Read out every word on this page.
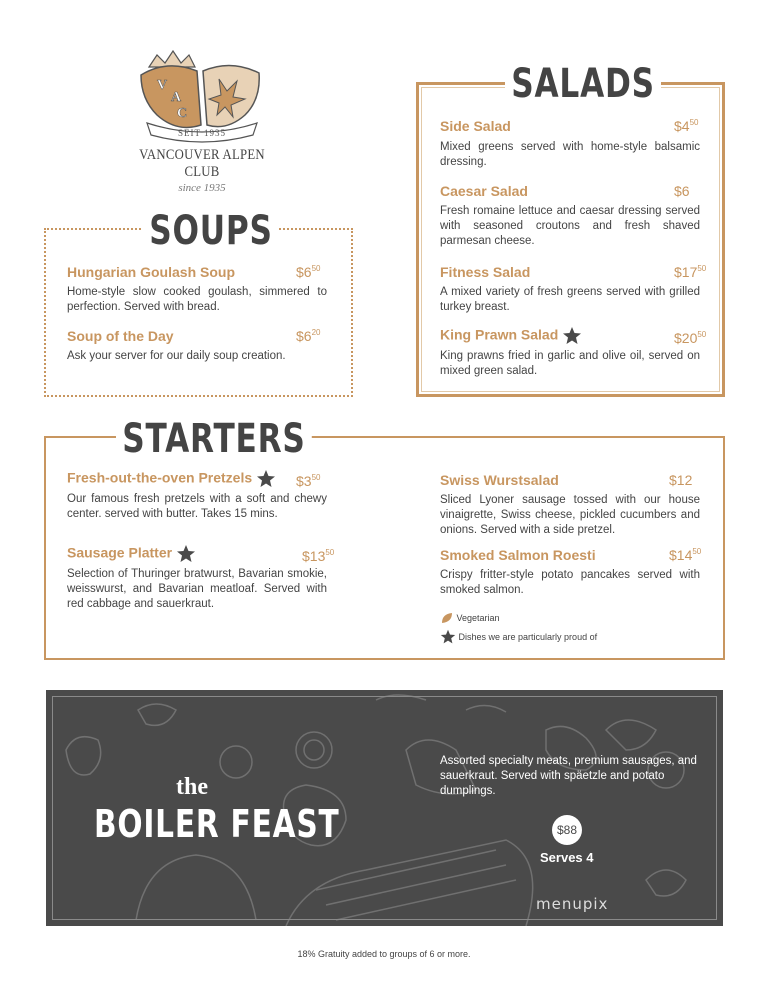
V
A
C
SEIT 1935
VANCOUVER ALPEN CLUB
since 1935
SALADS
Side Salad
Mixed greens served with home-style balsamic dressing.
$\$4^{50}$
Caesar Salad
Fresh romaine lettuce and caesar dressing served with seasoned croutons and fresh shaved parmesan cheese.
$6
Fitness Salad
A mixed variety of fresh greens served with grilled turkey breast.
$\$17^{50}$
King Prawn Salad
King prawns fried in garlic and olive oil, served on mixed green salad.
$\$20^{50}$
SOUPS
Hungarian Goulash Soup
Home-style slow cooked goulash, simmered to perfection. Served with bread.
$\$6^{50}$
Soup of the Day
Ask your server for our daily soup creation.
$\$6^{20}$
STARTERS
Fresh-out-the-oven Pretzels
Our famous fresh pretzels with a soft and chewy center. served with butter. Takes 15 mins.
$\$3^{50}$
Sausage Platter
Selection of Thuringer bratwurst, Bavarian smokie, weisswurst, and Bavarian meatloaf. Served with red cabbage and sauerkraut.
$\$13^{50}$
Swiss Wurstsalad
Sliced Lyoner sausage tossed with our house vinaigrette, Swiss cheese, pickled cucumbers and onions. Served with a side pretzel.
$12
Smoked Salmon Roesti
Crispy fritter-style potato pancakes served with smoked salmon.
$\$14^{50}$
Vegetarian
Dishes we are particularly proud of
the
BOILER FEAST
Assorted specialty meats, premium sausages, and sauerkraut. Served with späetzle and potato dumplings.
$88
Serves 4
menupix
18% Gratuity added to groups of 6 or more.
